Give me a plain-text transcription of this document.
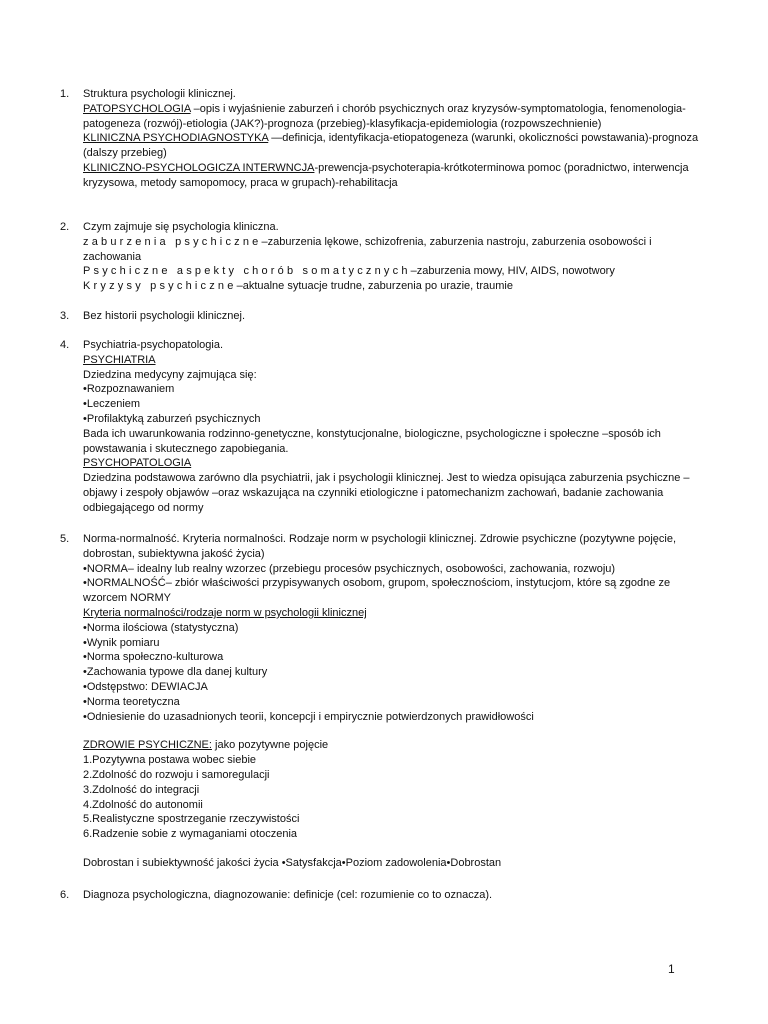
1.	Struktura psychologii klinicznej.
PATOPSYCHOLOGIA –opis i wyjaśnienie zaburzeń i chorób psychicznych oraz kryzysów-symptomatologia, fenomenologia-patogeneza (rozwój)-etiologia (JAK?)-prognoza (przebieg)-klasyfikacja-epidemiologia (rozpowszechnienie)
KLINICZNA PSYCHODIAGNOSTYKA —definicja, identyfikacja-etiopatogeneza (warunki, okoliczności powstawania)-prognoza (dalszy przebieg)
KLINICZNO-PSYCHOLOGICZA INTERWNCJA-prewencja-psychoterapia-krótkoterminowa pomoc (poradnictwo, interwencja kryzysowa, metody samopomocy, praca w grupach)-rehabilitacja
2.	Czym zajmuje się psychologia kliniczna.
zaburzenia psychiczne–zaburzenia lękowe, schizofrenia, zaburzenia nastroju, zaburzenia osobowości i zachowania
Psychiczne aspekty chorób somatycznych–zaburzenia mowy, HIV, AIDS, nowotwory
Kryzysy psychiczne–aktualne sytuacje trudne, zaburzenia po urazie, traumie
3.	Bez historii psychologii klinicznej.
4.	Psychiatria-psychopatologia.
PSYCHIATRIA
Dziedzina medycyny zajmująca się:
•Rozpoznawaniem
•Leczeniem
•Profilaktyką zaburzeń psychicznych
Bada ich uwarunkowania rodzinno-genetyczne, konstytucjonalne, biologiczne, psychologiczne i społeczne –sposób ich powstawania i skutecznego zapobiegania.
PSYCHOPATOLOGIA
Dziedzina podstawowa zarówno dla psychiatrii, jak i psychologii klinicznej. Jest to wiedza opisująca zaburzenia psychiczne –objawy i zespoły objawów –oraz wskazująca na czynniki etiologiczne i patomechanizm zachowań, badanie zachowania odbiegającego od normy
5.	Norma-normalność. Kryteria normalności. Rodzaje norm w psychologii klinicznej. Zdrowie psychiczne (pozytywne pojęcie, dobrostan, subiektywna jakość życia)
•NORMA– idealny lub realny wzorzec (przebiegu procesów psychicznych, osobowości, zachowania, rozwoju)
•NORMALNOŚĆ– zbiór właściwości przypisywanych osobom, grupom, społecznościom, instytucjom, które są zgodne ze wzorcem NORMY
Kryteria normalności/rodzaje norm w psychologii klinicznej
•Norma ilościowa (statystyczna)
•Wynik pomiaru
•Norma społeczno-kulturowa
•Zachowania typowe dla danej kultury
•Odstępstwo: DEWIACJA
•Norma teoretyczna
•Odniesienie do uzasadnionych teorii, koncepcji i empirycznie potwierdzonych prawidłowości
ZDROWIE PSYCHICZNE: jako pozytywne pojęcie
1.Pozytywna postawa wobec siebie
2.Zdolność do rozwoju i samoregulacji
3.Zdolność do integracji
4.Zdolność do autonomii
5.Realistyczne spostrzeganie rzeczywistości
6.Radzenie sobie z wymaganiami otoczenia
Dobrostan i subiektywność jakości życia •Satysfakcja•Poziom zadowolenia•Dobrostan
6.	Diagnoza psychologiczna, diagnozowanie: definicje (cel: rozumienie co to oznacza).
1
